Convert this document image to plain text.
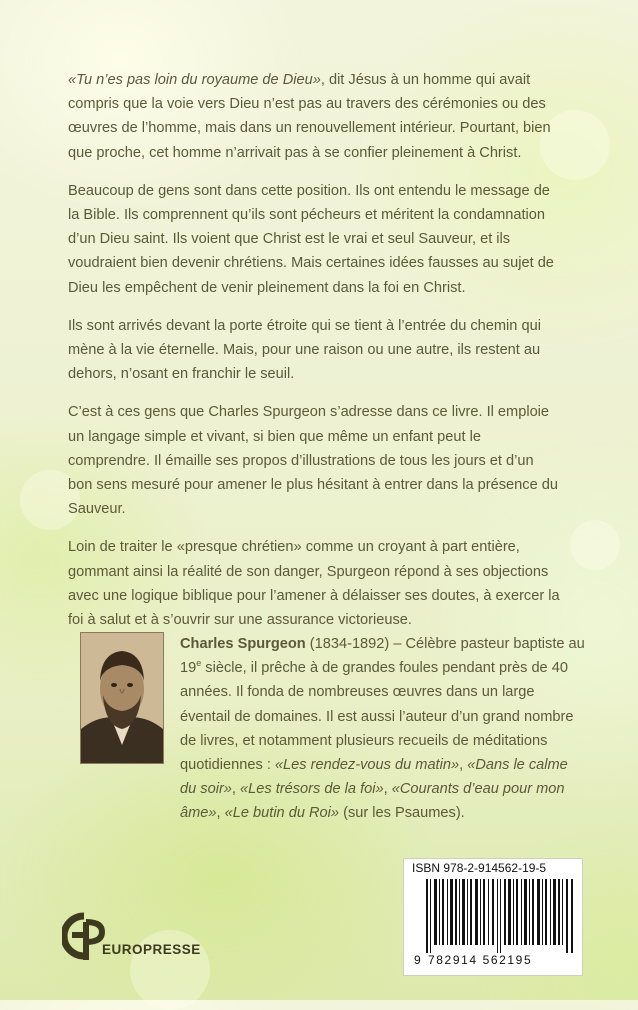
«Tu n’es pas loin du royaume de Dieu», dit Jésus à un homme qui avait compris que la voie vers Dieu n’est pas au travers des cérémonies ou des œuvres de l’homme, mais dans un renouvellement intérieur. Pourtant, bien que proche, cet homme n’arrivait pas à se confier pleinement à Christ.

Beaucoup de gens sont dans cette position. Ils ont entendu le message de la Bible. Ils comprennent qu’ils sont pécheurs et méritent la condamnation d’un Dieu saint. Ils voient que Christ est le vrai et seul Sauveur, et ils voudraient bien devenir chrétiens. Mais certaines idées fausses au sujet de Dieu les empêchent de venir pleinement dans la foi en Christ.

Ils sont arrivés devant la porte étroite qui se tient à l’entrée du chemin qui mène à la vie éternelle. Mais, pour une raison ou une autre, ils restent au dehors, n’osant en franchir le seuil.

C’est à ces gens que Charles Spurgeon s’adresse dans ce livre. Il emploie un langage simple et vivant, si bien que même un enfant peut le comprendre. Il émaille ses propos d’illustrations de tous les jours et d’un bon sens mesuré pour amener le plus hésitant à entrer dans la présence du Sauveur.

Loin de traiter le «presque chrétien» comme un croyant à part entière, gommant ainsi la réalité de son danger, Spurgeon répond à ses objections avec une logique biblique pour l’amener à délaisser ses doutes, à exercer la foi à salut et à s’ouvrir sur une assurance victorieuse.

Charles Spurgeon (1834-1892) – Célèbre pasteur baptiste au 19e siècle, il prêche à de grandes foules pendant près de 40 années. Il fonda de nombreuses œuvres dans un large éventail de domaines. Il est aussi l’auteur d’un grand nombre de livres, et notamment plusieurs recueils de méditations quotidiennes : «Les rendez-vous du matin», «Dans le calme du soir», «Les trésors de la foi», «Courants d’eau pour mon âme», «Le butin du Roi» (sur les Psaumes).
EUROPRESSE
ISBN 978-2-914562-19-5
9 782914 562195
